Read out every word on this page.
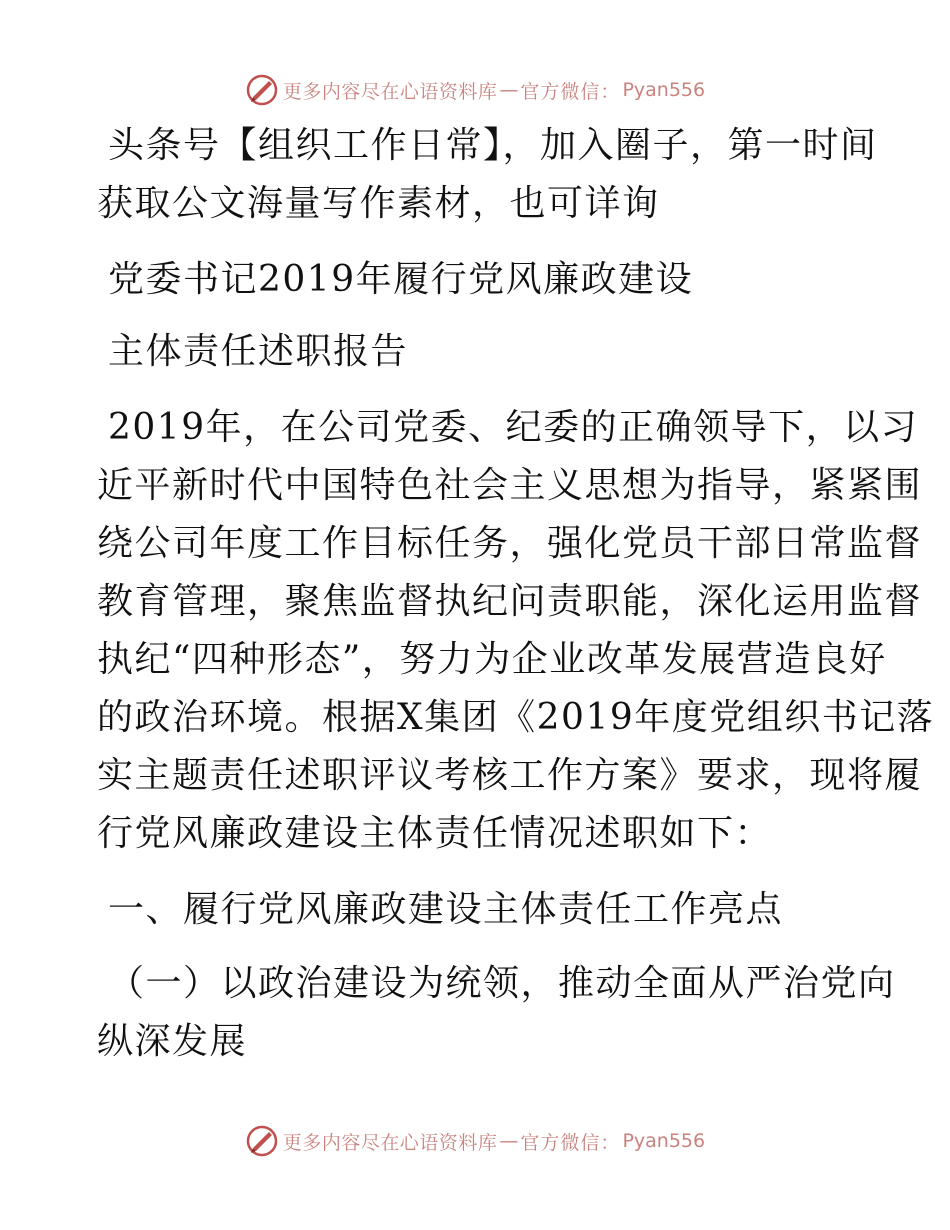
更多内容尽在心语资料库 — 官方微信： Pyan556
头条号【组织工作日常】，加入圈子，第一时间
获取公文海量写作素材，也可详询
党委书记2019年履行党风廉政建设
主体责任述职报告
2019年，在公司党委、纪委的正确领导下，以习
近平新时代中国特色社会主义思想为指导，紧紧围
绕公司年度工作目标任务，强化党员干部日常监督
教育管理，聚焦监督执纪问责职能，深化运用监督
执纪“四种形态”，努力为企业改革发展营造良好
的政治环境。根据X集团《2019年度党组织书记落
实主题责任述职评议考核工作方案》要求，现将履
行党风廉政建设主体责任情况述职如下：
一、履行党风廉政建设主体责任工作亮点
（一）以政治建设为统领，推动全面从严治党向
纵深发展
更多内容尽在心语资料库 — 官方微信： Pyan556
